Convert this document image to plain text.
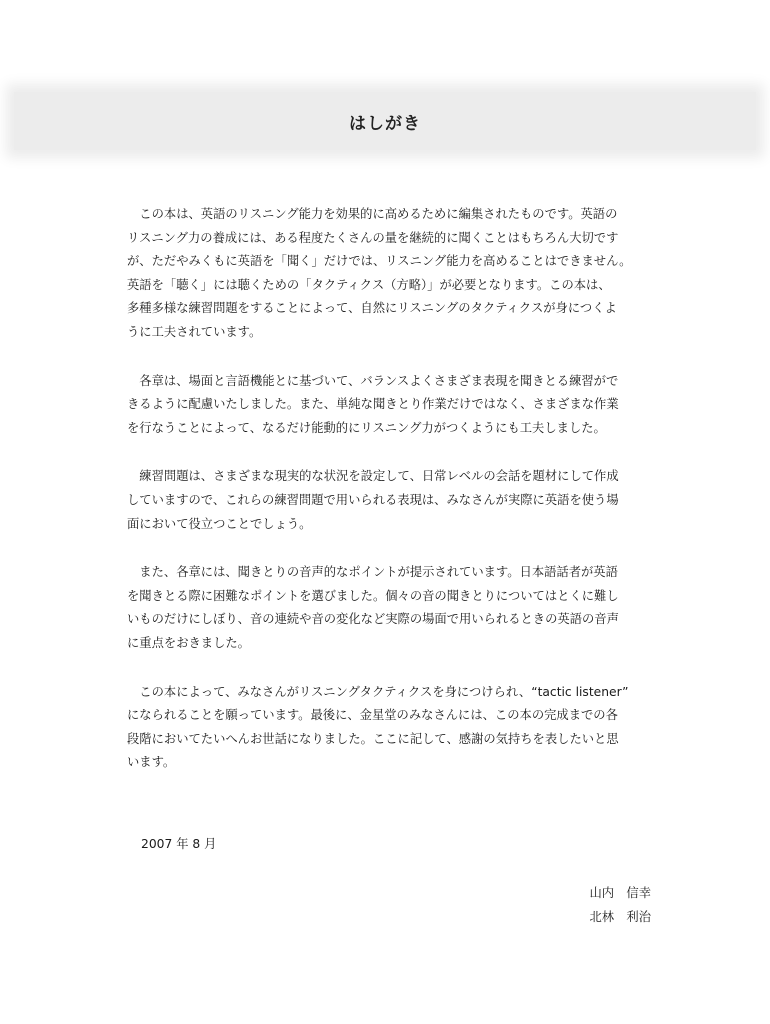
はしがき

この本は、英語のリスニング能力を効果的に高めるために編集されたものです。英語の
リスニング力の養成には、ある程度たくさんの量を継続的に聞くことはもちろん大切です
が、ただやみくもに英語を「聞く」だけでは、リスニング能力を高めることはできません。
英語を「聴く」には聴くための「タクティクス（方略）」が必要となります。この本は、
多種多様な練習問題をすることによって、自然にリスニングのタクティクスが身につくよ
うに工夫されています。

各章は、場面と言語機能とに基づいて、バランスよくさまざま表現を聞きとる練習がで
きるように配慮いたしました。また、単純な聞きとり作業だけではなく、さまざまな作業
を行なうことによって、なるだけ能動的にリスニング力がつくようにも工夫しました。

練習問題は、さまざまな現実的な状況を設定して、日常レベルの会話を題材にして作成
していますので、これらの練習問題で用いられる表現は、みなさんが実際に英語を使う場
面において役立つことでしょう。

また、各章には、聞きとりの音声的なポイントが提示されています。日本語話者が英語
を聞きとる際に困難なポイントを選びました。個々の音の聞きとりについてはとくに難し
いものだけにしぼり、音の連続や音の変化など実際の場面で用いられるときの英語の音声
に重点をおきました。

この本によって、みなさんがリスニングタクティクスを身につけられ、“tactic listener”
になられることを願っています。最後に、金星堂のみなさんには、この本の完成までの各
段階においてたいへんお世話になりました。ここに記して、感謝の気持ちを表したいと思
います。

2007 年 8 月
山内　信幸
北林　利治
